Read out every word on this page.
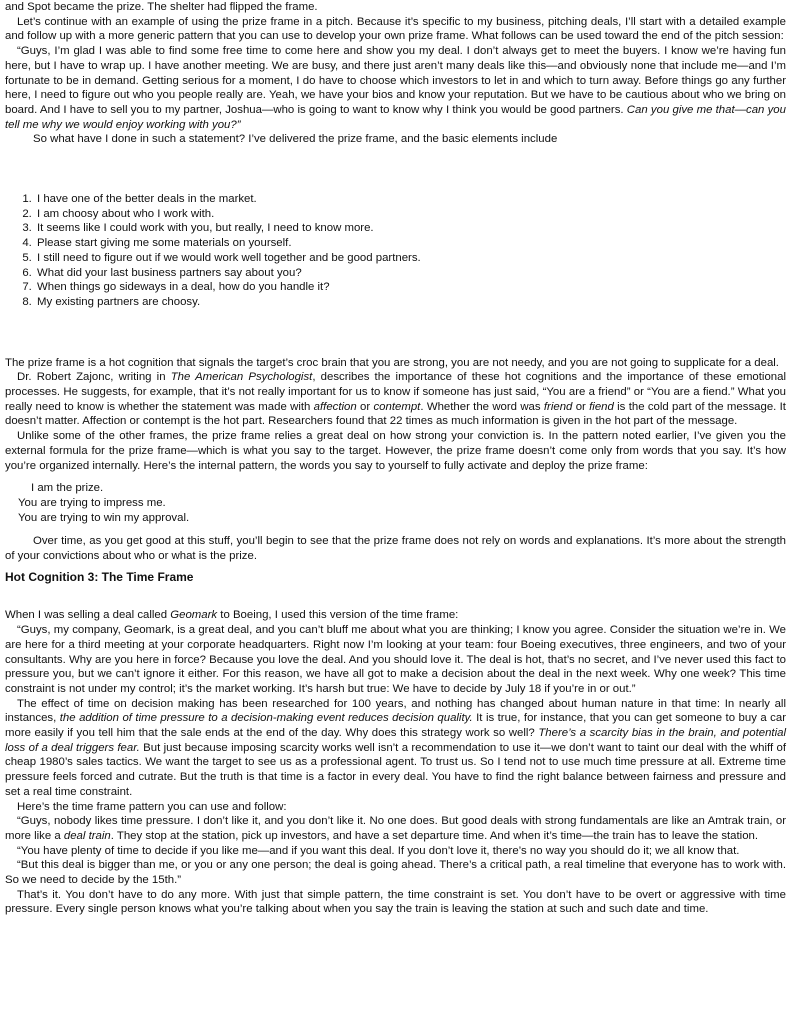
and Spot became the prize. The shelter had flipped the frame.

Let’s continue with an example of using the prize frame in a pitch. Because it’s specific to my business, pitching deals, I’ll start with a detailed example and follow up with a more generic pattern that you can use to develop your own prize frame. What follows can be used toward the end of the pitch session:

“Guys, I’m glad I was able to find some free time to come here and show you my deal. I don’t always get to meet the buyers. I know we’re having fun here, but I have to wrap up. I have another meeting. We are busy, and there just aren’t many deals like this—and obviously none that include me—and I’m fortunate to be in demand. Getting serious for a moment, I do have to choose which investors to let in and which to turn away. Before things go any further here, I need to figure out who you people really are. Yeah, we have your bios and know your reputation. But we have to be cautious about who we bring on board. And I have to sell you to my partner, Joshua—who is going to want to know why I think you would be good partners. Can you give me that—can you tell me why we would enjoy working with you?”

So what have I done in such a statement? I’ve delivered the prize frame, and the basic elements include

1. I have one of the better deals in the market.
2. I am choosy about who I work with.
3. It seems like I could work with you, but really, I need to know more.
4. Please start giving me some materials on yourself.
5. I still need to figure out if we would work well together and be good partners.
6. What did your last business partners say about you?
7. When things go sideways in a deal, how do you handle it?
8. My existing partners are choosy.

The prize frame is a hot cognition that signals the target’s croc brain that you are strong, you are not needy, and you are not going to supplicate for a deal.

Dr. Robert Zajonc, writing in The American Psychologist, describes the importance of these hot cognitions and the importance of these emotional processes. He suggests, for example, that it’s not really important for us to know if someone has just said, “You are a friend” or “You are a fiend.” What you really need to know is whether the statement was made with affection or contempt. Whether the word was friend or fiend is the cold part of the message. It doesn’t matter. Affection or contempt is the hot part. Researchers found that 22 times as much information is given in the hot part of the message.

Unlike some of the other frames, the prize frame relies a great deal on how strong your conviction is. In the pattern noted earlier, I’ve given you the external formula for the prize frame—which is what you say to the target. However, the prize frame doesn’t come only from words that you say. It’s how you’re organized internally. Here’s the internal pattern, the words you say to yourself to fully activate and deploy the prize frame:

I am the prize.
You are trying to impress me.
You are trying to win my approval.

Over time, as you get good at this stuff, you’ll begin to see that the prize frame does not rely on words and explanations. It’s more about the strength of your convictions about who or what is the prize.

Hot Cognition 3: The Time Frame

When I was selling a deal called Geomark to Boeing, I used this version of the time frame:

“Guys, my company, Geomark, is a great deal, and you can’t bluff me about what you are thinking; I know you agree. Consider the situation we’re in. We are here for a third meeting at your corporate headquarters. Right now I’m looking at your team: four Boeing executives, three engineers, and two of your consultants. Why are you here in force? Because you love the deal. And you should love it. The deal is hot, that’s no secret, and I’ve never used this fact to pressure you, but we can’t ignore it either. For this reason, we have all got to make a decision about the deal in the next week. Why one week? This time constraint is not under my control; it’s the market working. It’s harsh but true: We have to decide by July 18 if you’re in or out.”

The effect of time on decision making has been researched for 100 years, and nothing has changed about human nature in that time: In nearly all instances, the addition of time pressure to a decision-making event reduces decision quality. It is true, for instance, that you can get someone to buy a car more easily if you tell him that the sale ends at the end of the day. Why does this strategy work so well? There’s a scarcity bias in the brain, and potential loss of a deal triggers fear. But just because imposing scarcity works well isn’t a recommendation to use it—we don’t want to taint our deal with the whiff of cheap 1980’s sales tactics. We want the target to see us as a professional agent. To trust us. So I tend not to use much time pressure at all. Extreme time pressure feels forced and cutrate. But the truth is that time is a factor in every deal. You have to find the right balance between fairness and pressure and set a real time constraint.

Here’s the time frame pattern you can use and follow:

“Guys, nobody likes time pressure. I don’t like it, and you don’t like it. No one does. But good deals with strong fundamentals are like an Amtrak train, or more like a deal train. They stop at the station, pick up investors, and have a set departure time. And when it’s time—the train has to leave the station.

“You have plenty of time to decide if you like me—and if you want this deal. If you don’t love it, there’s no way you should do it; we all know that.

“But this deal is bigger than me, or you or any one person; the deal is going ahead. There’s a critical path, a real timeline that everyone has to work with. So we need to decide by the 15th.”

That’s it. You don’t have to do any more. With just that simple pattern, the time constraint is set. You don’t have to be overt or aggressive with time pressure. Every single person knows what you’re talking about when you say the train is leaving the station at such and such date and time.
